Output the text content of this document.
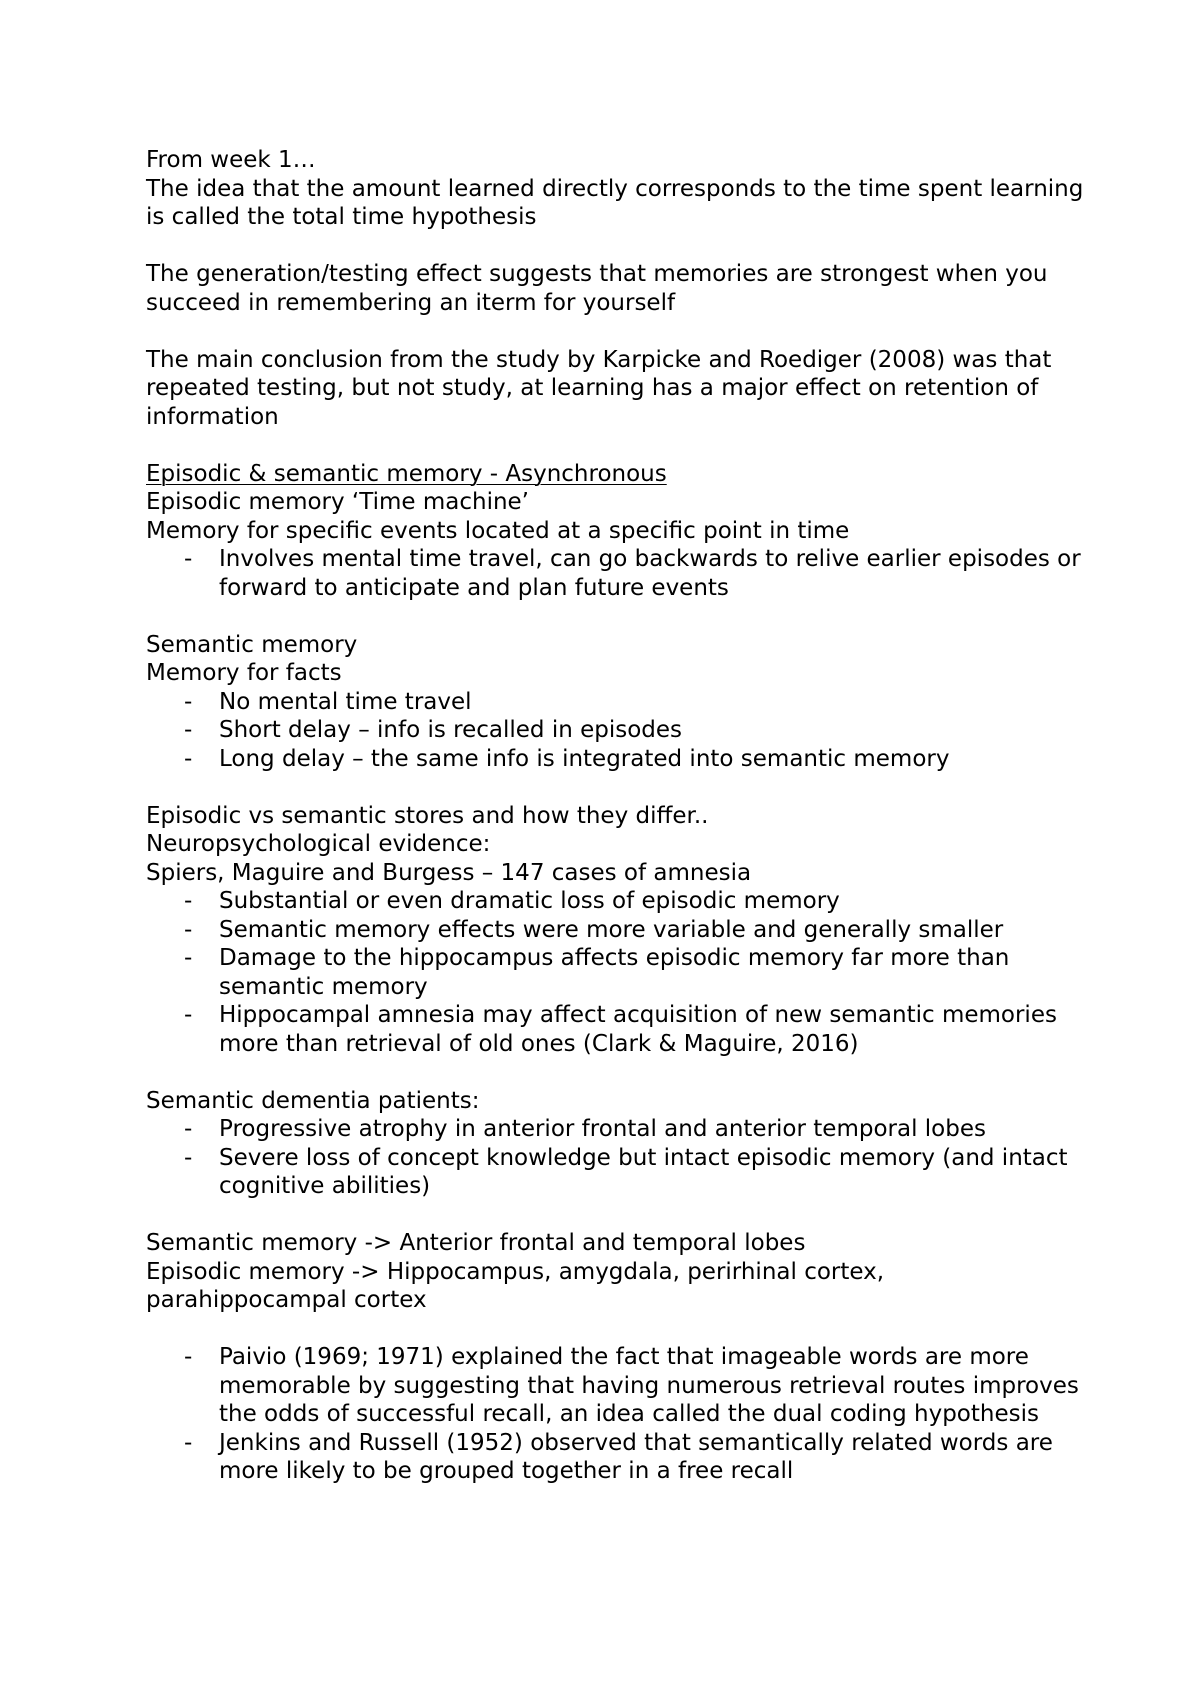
From week 1…

The idea that the amount learned directly corresponds to the time spent learning is called the total time hypothesis

The generation/testing effect suggests that memories are strongest when you succeed in remembering an iterm for yourself

The main conclusion from the study by Karpicke and Roediger (2008) was that repeated testing, but not study, at learning has a major effect on retention of information

Episodic & semantic memory - Asynchronous

Episodic memory ‘Time machine’

Memory for specific events located at a specific point in time

- Involves mental time travel, can go backwards to relive earlier episodes or forward to anticipate and plan future events

Semantic memory

Memory for facts

- No mental time travel
- Short delay – info is recalled in episodes
- Long delay – the same info is integrated into semantic memory

Episodic vs semantic stores and how they differ..

Neuropsychological evidence:

Spiers, Maguire and Burgess – 147 cases of amnesia

- Substantial or even dramatic loss of episodic memory
- Semantic memory effects were more variable and generally smaller
- Damage to the hippocampus affects episodic memory far more than semantic memory
- Hippocampal amnesia may affect acquisition of new semantic memories more than retrieval of old ones (Clark & Maguire, 2016)

Semantic dementia patients:

- Progressive atrophy in anterior frontal and anterior temporal lobes
- Severe loss of concept knowledge but intact episodic memory (and intact cognitive abilities)

Semantic memory -> Anterior frontal and temporal lobes

Episodic memory -> Hippocampus, amygdala, perirhinal cortex, parahippocampal cortex

- Paivio (1969; 1971) explained the fact that imageable words are more memorable by suggesting that having numerous retrieval routes improves the odds of successful recall, an idea called the dual coding hypothesis
- Jenkins and Russell (1952) observed that semantically related words are more likely to be grouped together in a free recall
